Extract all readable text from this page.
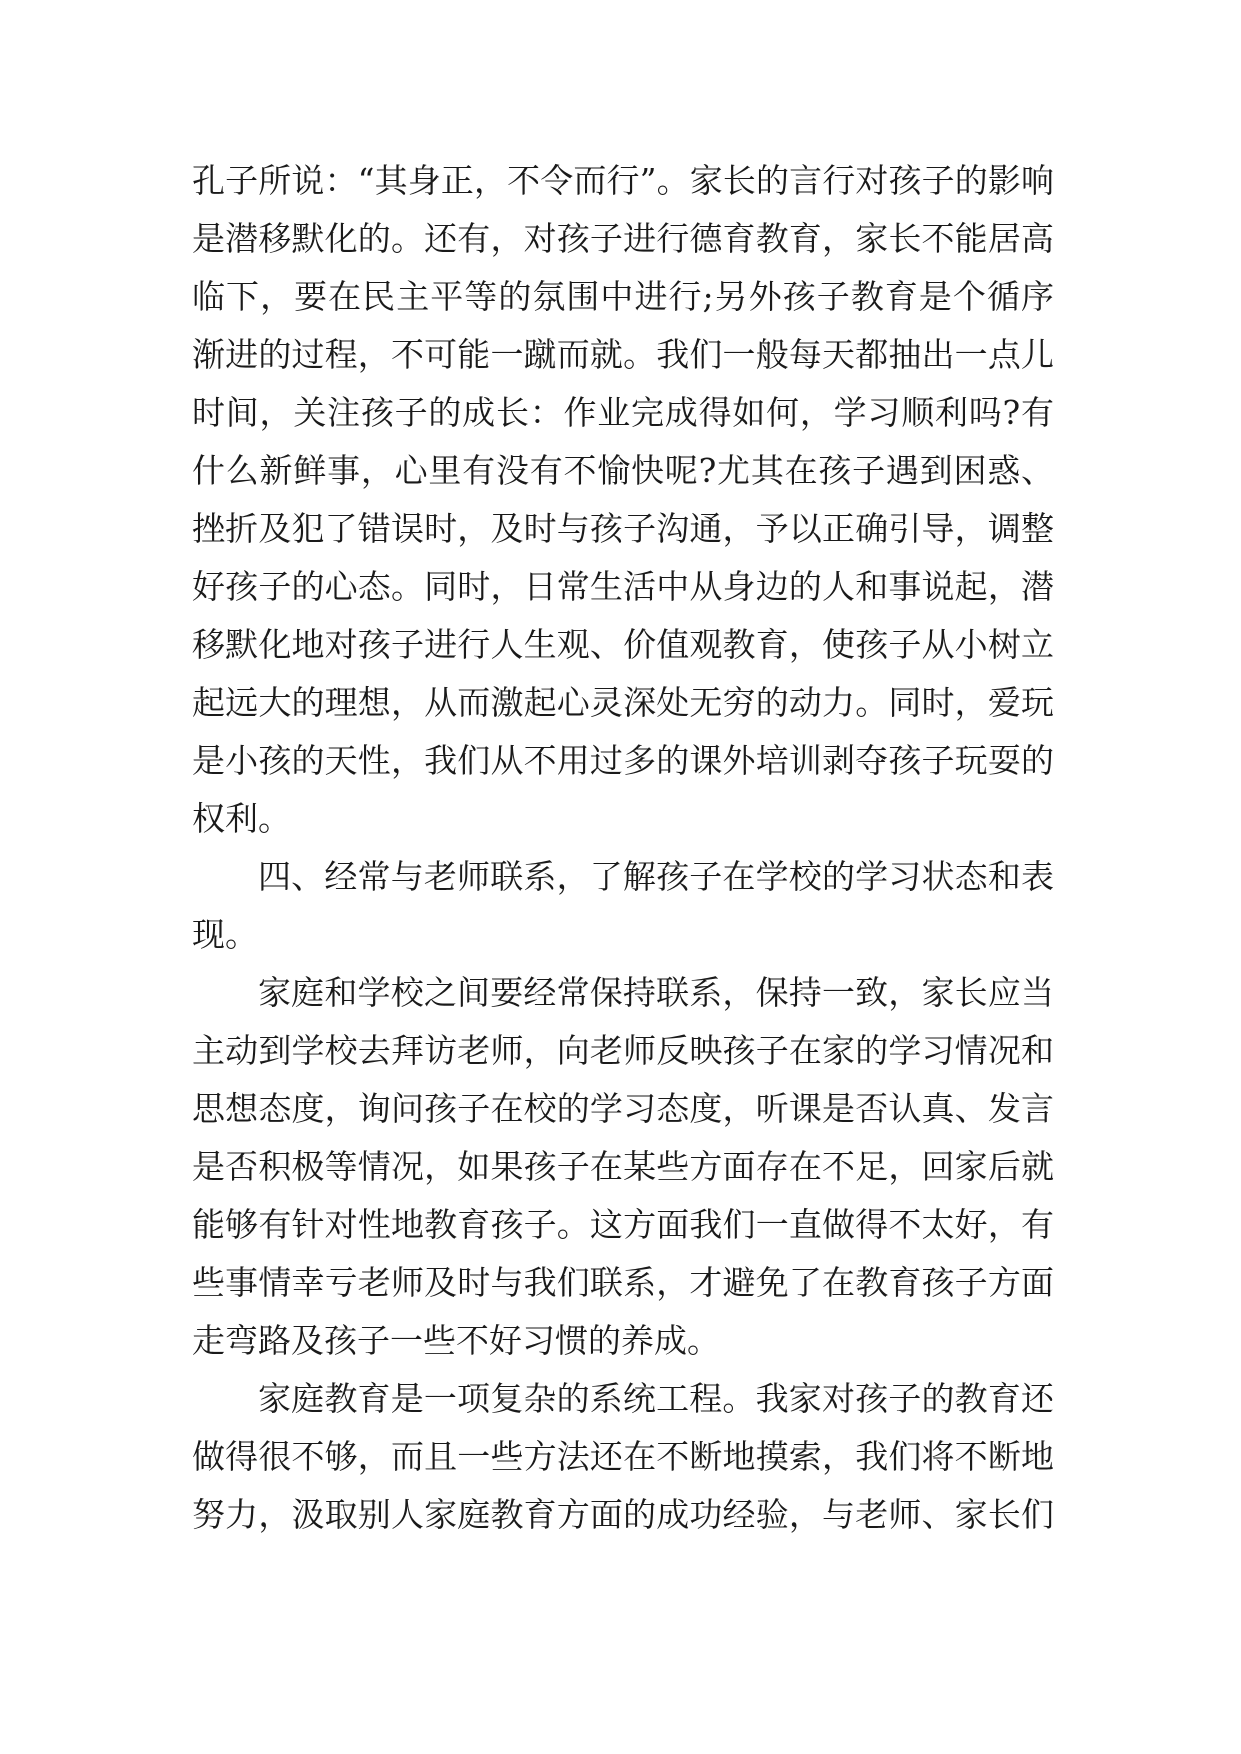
孔子所说：“其身正，不令而行”。家长的言行对孩子的影响
是潜移默化的。还有，对孩子进行德育教育，家长不能居高
临下，要在民主平等的氛围中进行;另外孩子教育是个循序
渐进的过程，不可能一蹴而就。我们一般每天都抽出一点儿
时间，关注孩子的成长：作业完成得如何，学习顺利吗?有
什么新鲜事，心里有没有不愉快呢?尤其在孩子遇到困惑、
挫折及犯了错误时，及时与孩子沟通，予以正确引导，调整
好孩子的心态。同时，日常生活中从身边的人和事说起，潜
移默化地对孩子进行人生观、价值观教育，使孩子从小树立
起远大的理想，从而激起心灵深处无穷的动力。同时，爱玩
是小孩的天性，我们从不用过多的课外培训剥夺孩子玩耍的
权利。
四、经常与老师联系，了解孩子在学校的学习状态和表
现。
家庭和学校之间要经常保持联系，保持一致，家长应当
主动到学校去拜访老师，向老师反映孩子在家的学习情况和
思想态度，询问孩子在校的学习态度，听课是否认真、发言
是否积极等情况，如果孩子在某些方面存在不足，回家后就
能够有针对性地教育孩子。这方面我们一直做得不太好，有
些事情幸亏老师及时与我们联系，才避免了在教育孩子方面
走弯路及孩子一些不好习惯的养成。
家庭教育是一项复杂的系统工程。我家对孩子的教育还
做得很不够，而且一些方法还在不断地摸索，我们将不断地
努力，汲取别人家庭教育方面的成功经验，与老师、家长们
